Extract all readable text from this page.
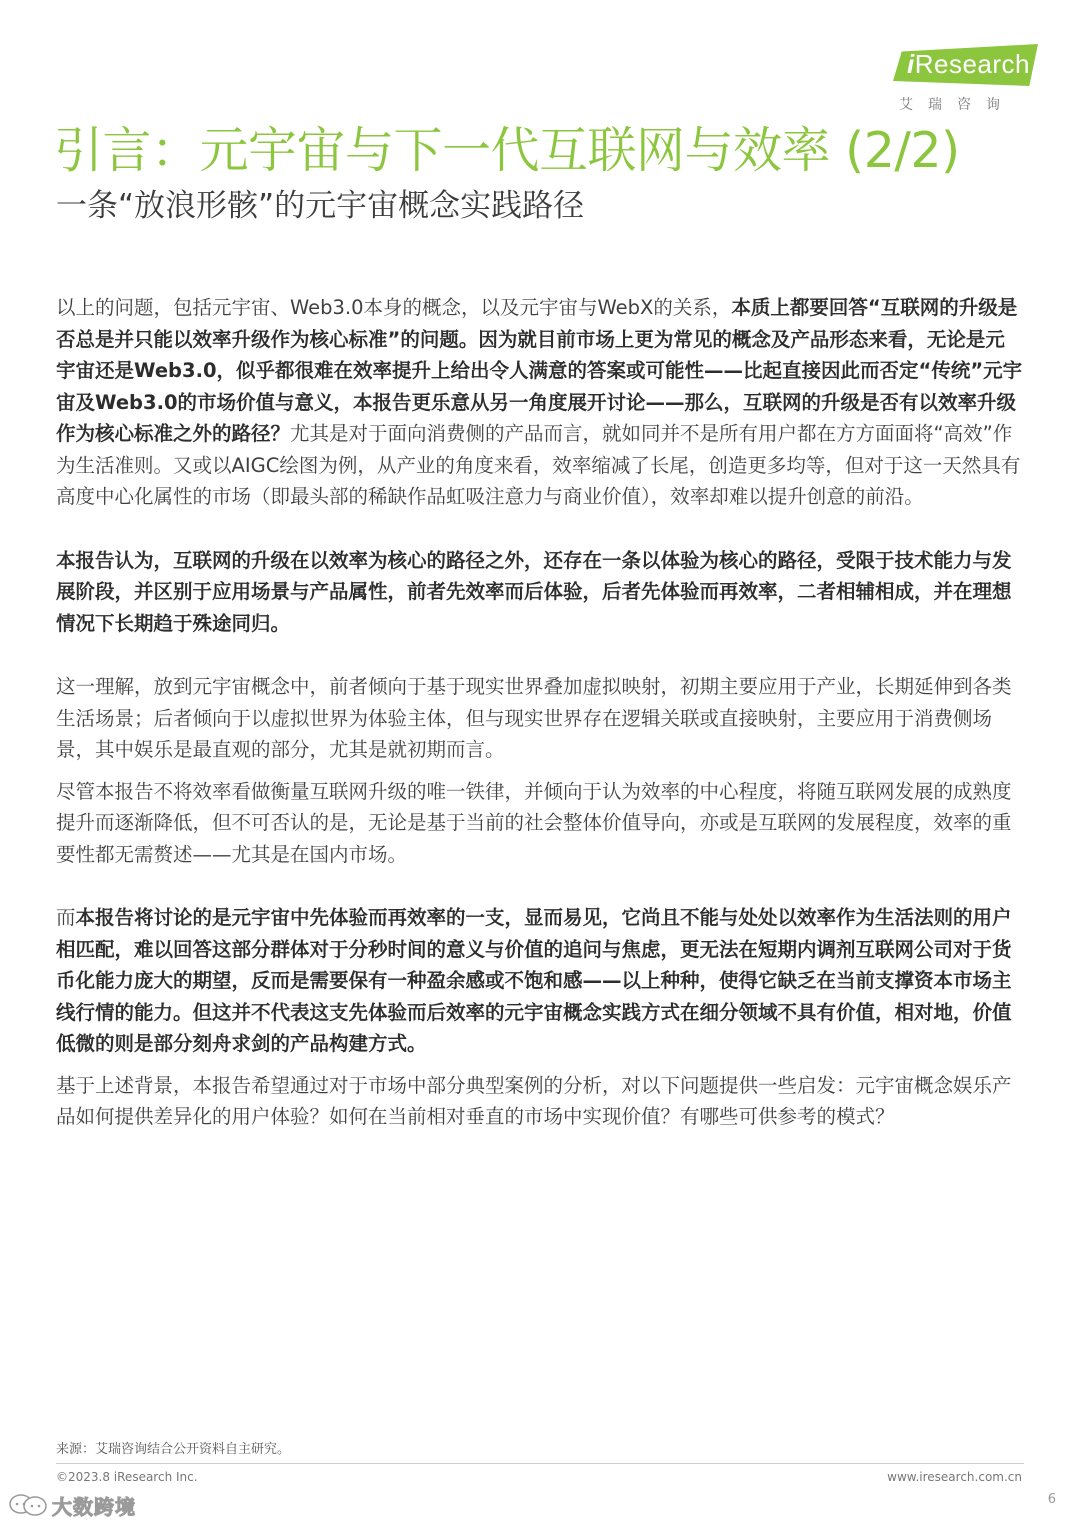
iResearch
艾瑞咨询
引言：元宇宙与下一代互联网与效率 (2/2)
一条“放浪形骸”的元宇宙概念实践路径

以上的问题，包括元宇宙、Web3.0本身的概念，以及元宇宙与WebX的关系，本质上都要回答“互联网的升级是否总是并只能以效率升级作为核心标准”的问题。因为就目前市场上更为常见的概念及产品形态来看，无论是元宇宙还是Web3.0，似乎都很难在效率提升上给出令人满意的答案或可能性——比起直接因此而否定“传统”元宇宙及Web3.0的市场价值与意义，本报告更乐意从另一角度展开讨论——那么，互联网的升级是否有以效率升级作为核心标准之外的路径？尤其是对于面向消费侧的产品而言，就如同并不是所有用户都在方方面面将“高效”作为生活准则。又或以AIGC绘图为例，从产业的角度来看，效率缩减了长尾，创造更多均等，但对于这一天然具有高度中心化属性的市场（即最头部的稀缺作品虹吸注意力与商业价值），效率却难以提升创意的前沿。

本报告认为，互联网的升级在以效率为核心的路径之外，还存在一条以体验为核心的路径，受限于技术能力与发展阶段，并区别于应用场景与产品属性，前者先效率而后体验，后者先体验而再效率，二者相辅相成，并在理想情况下长期趋于殊途同归。

这一理解，放到元宇宙概念中，前者倾向于基于现实世界叠加虚拟映射，初期主要应用于产业，长期延伸到各类生活场景；后者倾向于以虚拟世界为体验主体，但与现实世界存在逻辑关联或直接映射，主要应用于消费侧场景，其中娱乐是最直观的部分，尤其是就初期而言。

尽管本报告不将效率看做衡量互联网升级的唯一铁律，并倾向于认为效率的中心程度，将随互联网发展的成熟度提升而逐渐降低，但不可否认的是，无论是基于当前的社会整体价值导向，亦或是互联网的发展程度，效率的重要性都无需赘述——尤其是在国内市场。

而本报告将讨论的是元宇宙中先体验而再效率的一支，显而易见，它尚且不能与处处以效率作为生活法则的用户相匹配，难以回答这部分群体对于分秒时间的意义与价值的追问与焦虑，更无法在短期内调剂互联网公司对于货币化能力庞大的期望，反而是需要保有一种盈余感或不饱和感——以上种种，使得它缺乏在当前支撑资本市场主线行情的能力。但这并不代表这支先体验而后效率的元宇宙概念实践方式在细分领域不具有价值，相对地，价值低微的则是部分刻舟求剑的产品构建方式。

基于上述背景，本报告希望通过对于市场中部分典型案例的分析，对以下问题提供一些启发：元宇宙概念娱乐产品如何提供差异化的用户体验？如何在当前相对垂直的市场中实现价值？有哪些可供参考的模式？

来源：艾瑞咨询结合公开资料自主研究。
©2023.8 iResearch Inc.	www.iresearch.com.cn
6
大数跨境
